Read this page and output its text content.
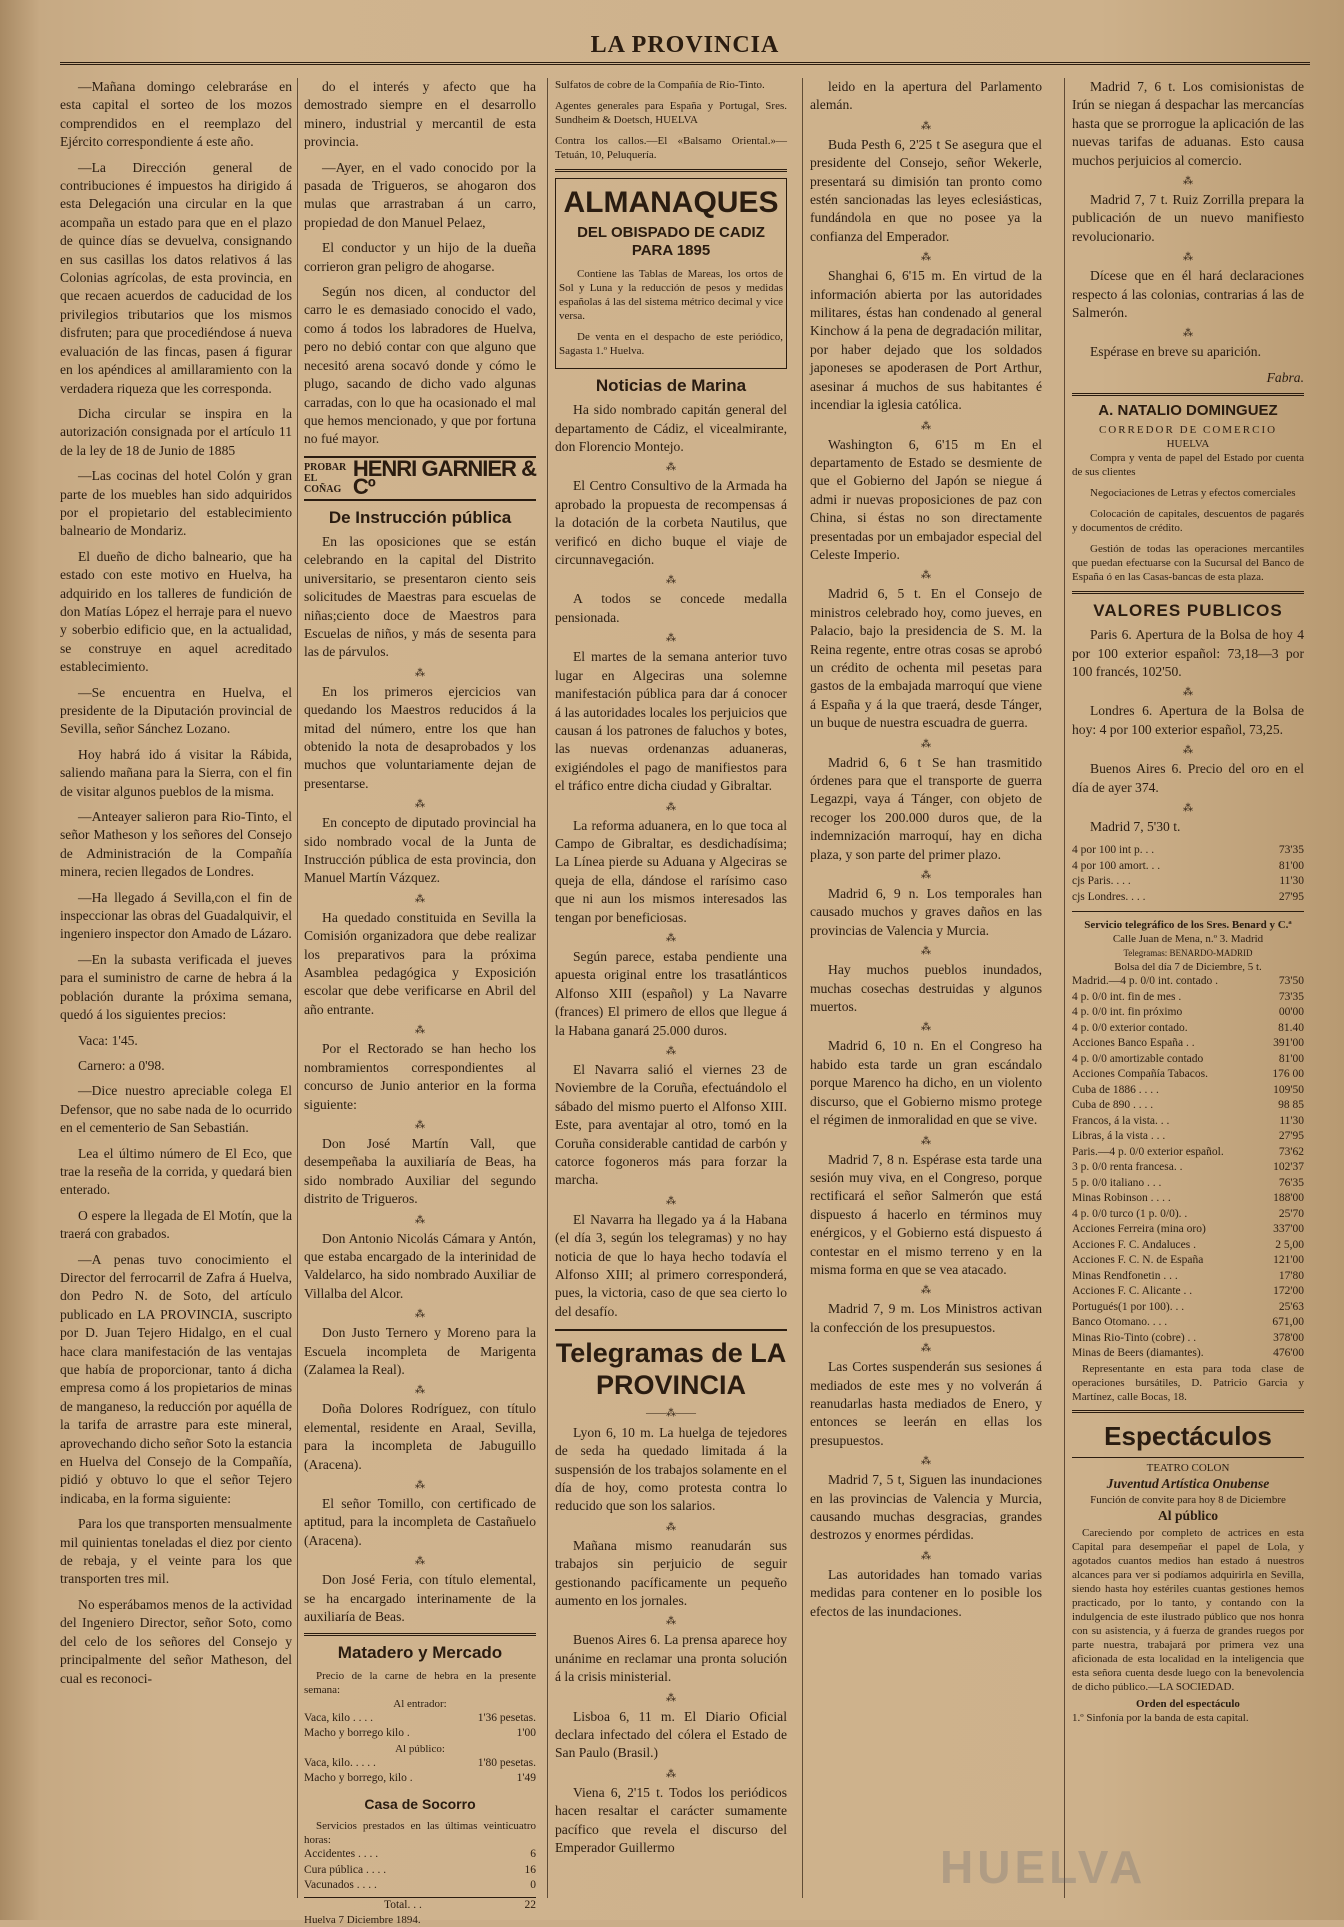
LA PROVINCIA

—Mañana domingo celebraráse en esta capital el sorteo de los mozos comprendidos en el reemplazo del Ejército correspondiente á este año.

—La Dirección general de contribuciones é impuestos ha dirigido á esta Delegación una circular en la que acompaña un estado para que en el plazo de quince días se devuelva, consignando en sus casillas los datos relativos á las Colonias agrícolas, de esta provincia, en que recaen acuerdos de caducidad de los privilegios tributarios que los mismos disfruten; para que procediéndose á nueva evaluación de las fincas, pasen á figurar en los apéndices al amillaramiento con la verdadera riqueza que les corresponda.

Dicha circular se inspira en la autorización consignada por el artículo 11 de la ley de 18 de Junio de 1885

—Las cocinas del hotel Colón y gran parte de los muebles han sido adquiridos por el propietario del establecimiento balneario de Mondariz.

El dueño de dicho balneario, que ha estado con este motivo en Huelva, ha adquirido en los talleres de fundición de don Matías López el herraje para el nuevo y soberbio edificio que, en la actualidad, se construye en aquel acreditado establecimiento.

—Se encuentra en Huelva, el presidente de la Diputación provincial de Sevilla, señor Sánchez Lozano.

Hoy habrá ido á visitar la Rábida, saliendo mañana para la Sierra, con el fin de visitar algunos pueblos de la misma.

—Anteayer salieron para Rio-Tinto, el señor Matheson y los señores del Consejo de Administración de la Compañía minera, recien llegados de Londres.

—Ha llegado á Sevilla,con el fin de inspeccionar las obras del Guadalquivir, el ingeniero inspector don Amado de Lázaro.

—En la subasta verificada el jueves para el suministro de carne de hebra á la población durante la próxima semana, quedó á los siguientes precios:

Vaca: 1'45.

Carnero: a 0'98.

—Dice nuestro apreciable colega El Defensor, que no sabe nada de lo ocurrido en el cementerio de San Sebastián.

Lea el último número de El Eco, que trae la reseña de la corrida, y quedará bien enterado.

O espere la llegada de El Motín, que la traerá con grabados.

—A penas tuvo conocimiento el Director del ferrocarril de Zafra á Huelva, don Pedro N. de Soto, del artículo publicado en LA PROVINCIA, suscripto por D. Juan Tejero Hidalgo, en el cual hace clara manifestación de las ventajas que había de proporcionar, tanto á dicha empresa como á los propietarios de minas de manganeso, la reducción por aquélla de la tarifa de arrastre para este mineral, aprovechando dicho señor Soto la estancia en Huelva del Consejo de la Compañía, pidió y obtuvo lo que el señor Tejero indicaba, en la forma siguiente:

Para los que transporten mensualmente mil quinientas toneladas el diez por ciento de rebaja, y el veinte para los que transporten tres mil.

No esperábamos menos de la actividad del Ingeniero Director, señor Soto, como del celo de los señores del Consejo y principalmente del señor Matheson, del cual es reconoci-

do el interés y afecto que ha demostrado siempre en el desarrollo minero, industrial y mercantil de esta provincia.

—Ayer, en el vado conocido por la pasada de Trigueros, se ahogaron dos mulas que arrastraban á un carro, propiedad de don Manuel Pelaez,

El conductor y un hijo de la dueña corrieron gran peligro de ahogarse.

Según nos dicen, al conductor del carro le es demasiado conocido el vado, como á todos los labradores de Huelva, pero no debió contar con que alguno que necesitó arena socavó donde y cómo le plugo, sacando de dicho vado algunas carradas, con lo que ha ocasionado el mal que hemos mencionado, y que por fortuna no fué mayor.

PROBAR EL COÑAG
HENRI GARNIER & Cº
De Instrucción pública

En las oposiciones que se están celebrando en la capital del Distrito universitario, se presentaron ciento seis solicitudes de Maestras para escuelas de niñas;ciento doce de Maestros para Escuelas de niños, y más de sesenta para las de párvulos.

⁂

En los primeros ejercicios van quedando los Maestros reducidos á la mitad del número, entre los que han obtenido la nota de desaprobados y los muchos que voluntariamente dejan de presentarse.

⁂

En concepto de diputado provincial ha sido nombrado vocal de la Junta de Instrucción pública de esta provincia, don Manuel Martín Vázquez.

⁂

Ha quedado constituida en Sevilla la Comisión organizadora que debe realizar los preparativos para la próxima Asamblea pedagógica y Exposición escolar que debe verificarse en Abril del año entrante.

⁂

Por el Rectorado se han hecho los nombramientos correspondientes al concurso de Junio anterior en la forma siguiente:

⁂

Don José Martín Vall, que desempeñaba la auxiliaría de Beas, ha sido nombrado Auxiliar del segundo distrito de Trigueros.

⁂

Don Antonio Nicolás Cámara y Antón, que estaba encargado de la interinidad de Valdelarco, ha sido nombrado Auxiliar de Villalba del Alcor.

⁂

Don Justo Ternero y Moreno para la Escuela incompleta de Marigenta (Zalamea la Real).

⁂

Doña Dolores Rodríguez, con título elemental, residente en Araal, Sevilla, para la incompleta de Jabuguillo (Aracena).

⁂

El señor Tomillo, con certificado de aptitud, para la incompleta de Castañuelo (Aracena).

⁂

Don José Feria, con título elemental, se ha encargado interinamente de la auxiliaría de Beas.

Matadero y Mercado
Precio de la carne de hebra en la presente semana:
Al entrador:
Vaca, kilo . . . .	1'36 pesetas.
Macho y borrego kilo .	1'00
Al público:
Vaca, kilo. . . . .	1'80 pesetas.
Macho y borrego, kilo .	1'49
Casa de Socorro
Servicios prestados en las últimas veinticuatro horas:
Accidentes . . . .	6
Cura pública . . . .	16
Vacunados . . . .	0
Total. . .	22
Huelva 7 Diciembre 1894.

Sulfatos de cobre de la Compañía de Rio-Tinto.

Agentes generales para España y Portugal, Sres. Sundheim & Doetsch, HUELVA

Contra los callos.—El «Balsamo Oriental.»—Tetuán, 10, Peluquería.

ALMANAQUES
DEL OBISPADO DE CADIZ PARA 1895

Contiene las Tablas de Mareas, los ortos de Sol y Luna y la reducción de pesos y medidas españolas á las del sistema métrico decimal y vice versa.

De venta en el despacho de este periódico, Sagasta 1.º Huelva.

Noticias de Marina

Ha sido nombrado capitán general del departamento de Cádiz, el vicealmirante, don Florencio Montejo.

⁂

El Centro Consultivo de la Armada ha aprobado la propuesta de recompensas á la dotación de la corbeta Nautilus, que verificó en dicho buque el viaje de circunnavegación.

⁂

A todos se concede medalla pensionada.

⁂

El martes de la semana anterior tuvo lugar en Algeciras una solemne manifestación pública para dar á conocer á las autoridades locales los perjuicios que causan á los patrones de faluchos y botes, las nuevas ordenanzas aduaneras, exigiéndoles el pago de manifiestos para el tráfico entre dicha ciudad y Gibraltar.

⁂

La reforma aduanera, en lo que toca al Campo de Gibraltar, es desdichadísima; La Línea pierde su Aduana y Algeciras se queja de ella, dándose el rarísimo caso que ni aun los mismos interesados las tengan por beneficiosas.

⁂

Según parece, estaba pendiente una apuesta original entre los trasatlánticos Alfonso XIII (español) y La Navarre (frances) El primero de ellos que llegue á la Habana ganará 25.000 duros.

⁂

El Navarra salió el viernes 23 de Noviembre de la Coruña, efectuándolo el sábado del mismo puerto el Alfonso XIII. Este, para aventajar al otro, tomó en la Coruña considerable cantidad de carbón y catorce fogoneros más para forzar la marcha.

⁂

El Navarra ha llegado ya á la Habana (el día 3, según los telegramas) y no hay noticia de que lo haya hecho todavía el Alfonso XIII; al primero corresponderá, pues, la victoria, caso de que sea cierto lo del desafío.

Telegramas de LA PROVINCIA
——⁂——

Lyon 6, 10 m. La huelga de tejedores de seda ha quedado limitada á la suspensión de los trabajos solamente en el día de hoy, como protesta contra lo reducido que son los salarios.

⁂

Mañana mismo reanudarán sus trabajos sin perjuicio de seguir gestionando pacíficamente un pequeño aumento en los jornales.

⁂

Buenos Aires 6. La prensa aparece hoy unánime en reclamar una pronta solución á la crisis ministerial.

⁂

Lisboa 6, 11 m. El Diario Oficial declara infectado del cólera el Estado de San Paulo (Brasil.)

⁂

Viena 6, 2'15 t. Todos los periódicos hacen resaltar el carácter sumamente pacífico que revela el discurso del Emperador Guillermo

leido en la apertura del Parlamento alemán.

⁂

Buda Pesth 6, 2'25 t Se asegura que el presidente del Consejo, señor Wekerle, presentará su dimisión tan pronto como estén sancionadas las leyes eclesiásticas, fundándola en que no posee ya la confianza del Emperador.

⁂

Shanghai 6, 6'15 m. En virtud de la información abierta por las autoridades militares, éstas han condenado al general Kinchow á la pena de degradación militar, por haber dejado que los soldados japoneses se apoderasen de Port Arthur, asesinar á muchos de sus habitantes é incendiar la iglesia católica.

⁂

Washington 6, 6'15 m En el departamento de Estado se desmiente de que el Gobierno del Japón se niegue á admi ir nuevas proposiciones de paz con China, si éstas no son directamente presentadas por un embajador especial del Celeste Imperio.

⁂

Madrid 6, 5 t. En el Consejo de ministros celebrado hoy, como jueves, en Palacio, bajo la presidencia de S. M. la Reina regente, entre otras cosas se aprobó un crédito de ochenta mil pesetas para gastos de la embajada marroquí que viene á España y á la que traerá, desde Tánger, un buque de nuestra escuadra de guerra.

⁂

Madrid 6, 6 t Se han trasmitido órdenes para que el transporte de guerra Legazpi, vaya á Tánger, con objeto de recoger los 200.000 duros que, de la indemnización marroquí, hay en dicha plaza, y son parte del primer plazo.

⁂

Madrid 6, 9 n. Los temporales han causado muchos y graves daños en las provincias de Valencia y Murcia.

⁂

Hay muchos pueblos inundados, muchas cosechas destruidas y algunos muertos.

⁂

Madrid 6, 10 n. En el Congreso ha habido esta tarde un gran escándalo porque Marenco ha dicho, en un violento discurso, que el Gobierno mismo protege el régimen de inmoralidad en que se vive.

⁂

Madrid 7, 8 n. Espérase esta tarde una sesión muy viva, en el Congreso, porque rectificará el señor Salmerón que está dispuesto á hacerlo en términos muy enérgicos, y el Gobierno está dispuesto á contestar en el mismo terreno y en la misma forma en que se vea atacado.

⁂

Madrid 7, 9 m. Los Ministros activan la confección de los presupuestos.

⁂

Las Cortes suspenderán sus sesiones á mediados de este mes y no volverán á reanudarlas hasta mediados de Enero, y entonces se leerán en ellas los presupuestos.

⁂

Madrid 7, 5 t, Siguen las inundaciones en las provincias de Valencia y Murcia, causando muchas desgracias, grandes destrozos y enormes pérdidas.

⁂

Las autoridades han tomado varias medidas para contener en lo posible los efectos de las inundaciones.

Madrid 7, 6 t. Los comisionistas de Irún se niegan á despachar las mercancías hasta que se prorrogue la aplicación de las nuevas tarifas de aduanas. Esto causa muchos perjuicios al comercio.

⁂

Madrid 7, 7 t. Ruiz Zorrilla prepara la publicación de un nuevo manifiesto revolucionario.

⁂

Dícese que en él hará declaraciones respecto á las colonias, contrarias á las de Salmerón.

⁂

Espérase en breve su aparición.

Fabra.
A. NATALIO DOMINGUEZ
CORREDOR DE COMERCIO
HUELVA

Compra y venta de papel del Estado por cuenta de sus clientes

Negociaciones de Letras y efectos comerciales

Colocación de capitales, descuentos de pagarés y documentos de crédito.

Gestión de todas las operaciones mercantiles que puedan efectuarse con la Sucursal del Banco de España ó en las Casas-bancas de esta plaza.

VALORES PUBLICOS

Paris 6. Apertura de la Bolsa de hoy 4 por 100 exterior español: 73,18—3 por 100 francés, 102'50.

⁂

Londres 6. Apertura de la Bolsa de hoy: 4 por 100 exterior español, 73,25.

⁂

Buenos Aires 6. Precio del oro en el día de ayer 374.

⁂

Madrid 7, 5'30 t.

4 por 100 int p. . .	73'35
4 por 100 amort. . .	81'00
cjs Paris. . . .	11'30
cjs Londres. . . .	27'95
Servicio telegráfico de los Sres. Benard y C.ª
Calle Juan de Mena, n.º 3. Madrid
Telegramas: BENARDO-MADRID
Bolsa del día 7 de Diciembre, 5 t.
Madrid.—4 p. 0/0 int. contado .	73'50
4 p. 0/0 int. fin de mes .	73'35
4 p. 0/0 int. fin próximo	00'00
4 p. 0/0 exterior contado.	81.40
Acciones Banco España . .	391'00
4 p. 0/0 amortizable contado	81'00
Acciones Compañía Tabacos.	176 00
Cuba de 1886 . . . .	109'50
Cuba de 890 . . . .	98 85
Francos, á la vista. . .	11'30
Libras, á la vista . . .	27'95
Paris.—4 p. 0/0 exterior español.	73'62
3 p. 0/0 renta francesa. .	102'37
5 p. 0/0 italiano . . .	76'35
Minas Robinson . . . .	188'00
4 p. 0/0 turco (1 p. 0/0). .	25'70
Acciones Ferreira (mina oro)	337'00
Acciones F. C. Andaluces .	2 5,00
Acciones F. C. N. de España	121'00
Minas Rendfonetin . . .	17'80
Acciones F. C. Alicante . .	172'00
Portugués(1 por 100). . .	25'63
Banco Otomano. . . .	671,00
Minas Rio-Tinto (cobre) . .	378'00
Minas de Beers (diamantes).	476'00
Representante en esta para toda clase de operaciones bursátiles, D. Patricio Garcia y Martínez, calle Bocas, 18.
Espectáculos
TEATRO COLON
Juventud Artística Onubense
Función de convite para hoy 8 de Diciembre
Al público
Careciendo por completo de actrices en esta Capital para desempeñar el papel de Lola, y agotados cuantos medios han estado á nuestros alcances para ver si podíamos adquirirla en Sevilla, siendo hasta hoy estériles cuantas gestiones hemos practicado, por lo tanto, y contando con la indulgencia de este ilustrado público que nos honra con su asistencia, y á fuerza de grandes ruegos por parte nuestra, trabajará por primera vez una aficionada de esta localidad en la inteligencia que esta señora cuenta desde luego con la benevolencia de dicho público.—LA SOCIEDAD.
Orden del espectáculo
1.º Sinfonía por la banda de esta capital.
HUELVA
